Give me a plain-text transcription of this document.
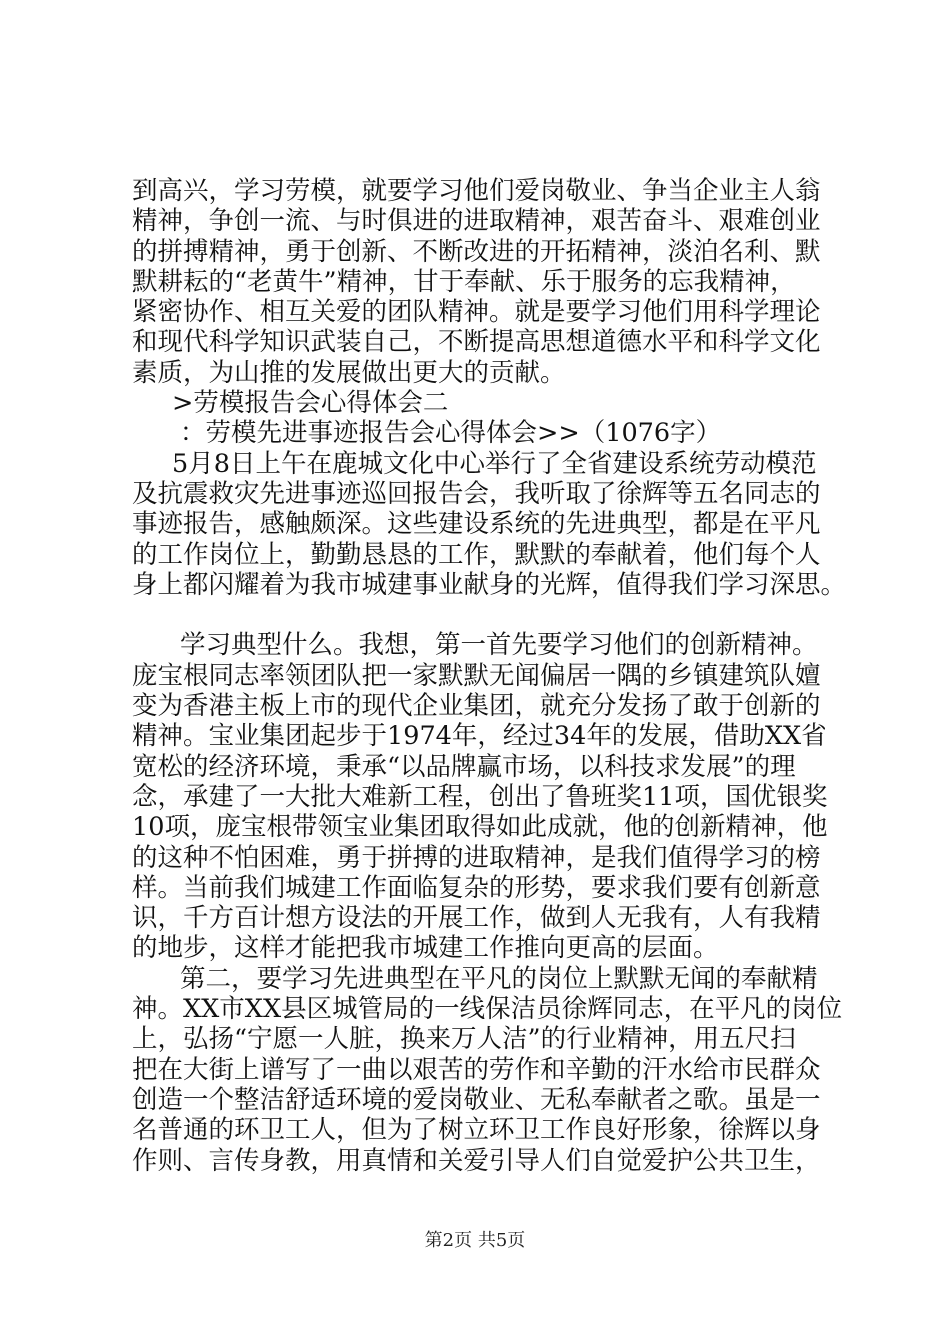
到高兴，学习劳模，就要学习他们爱岗敬业、争当企业主人翁
精神，争创一流、与时俱进的进取精神，艰苦奋斗、艰难创业
的拼搏精神，勇于创新、不断改进的开拓精神，淡泊名利、默
默耕耘的“老黄牛”精神，甘于奉献、乐于服务的忘我精神，
紧密协作、相互关爱的团队精神。就是要学习他们用科学理论
和现代科学知识武装自己，不断提高思想道德水平和科学文化
素质，为山推的发展做出更大的贡献。
>劳模报告会心得体会二
：劳模先进事迹报告会心得体会>>（1076字）
5月8日上午在鹿城文化中心举行了全省建设系统劳动模范
及抗震救灾先进事迹巡回报告会，我听取了徐辉等五名同志的
事迹报告，感触颇深。这些建设系统的先进典型，都是在平凡
的工作岗位上，勤勤恳恳的工作，默默的奉献着，他们每个人
身上都闪耀着为我市城建事业献身的光辉，值得我们学习深思。
学习典型什么。我想，第一首先要学习他们的创新精神。
庞宝根同志率领团队把一家默默无闻偏居一隅的乡镇建筑队嬗
变为香港主板上市的现代企业集团，就充分发扬了敢于创新的
精神。宝业集团起步于1974年，经过34年的发展，借助XX省
宽松的经济环境，秉承“以品牌赢市场，以科技求发展”的理
念，承建了一大批大难新工程，创出了鲁班奖11项，国优银奖
10项，庞宝根带领宝业集团取得如此成就，他的创新精神，他
的这种不怕困难，勇于拼搏的进取精神，是我们值得学习的榜
样。当前我们城建工作面临复杂的形势，要求我们要有创新意
识，千方百计想方设法的开展工作，做到人无我有，人有我精
的地步，这样才能把我市城建工作推向更高的层面。
第二，要学习先进典型在平凡的岗位上默默无闻的奉献精
神。XX市XX县区城管局的一线保洁员徐辉同志，在平凡的岗位
上，弘扬“宁愿一人脏，换来万人洁”的行业精神，用五尺扫
把在大街上谱写了一曲以艰苦的劳作和辛勤的汗水给市民群众
创造一个整洁舒适环境的爱岗敬业、无私奉献者之歌。虽是一
名普通的环卫工人，但为了树立环卫工作良好形象，徐辉以身
作则、言传身教，用真情和关爱引导人们自觉爱护公共卫生，
第2页 共5页
